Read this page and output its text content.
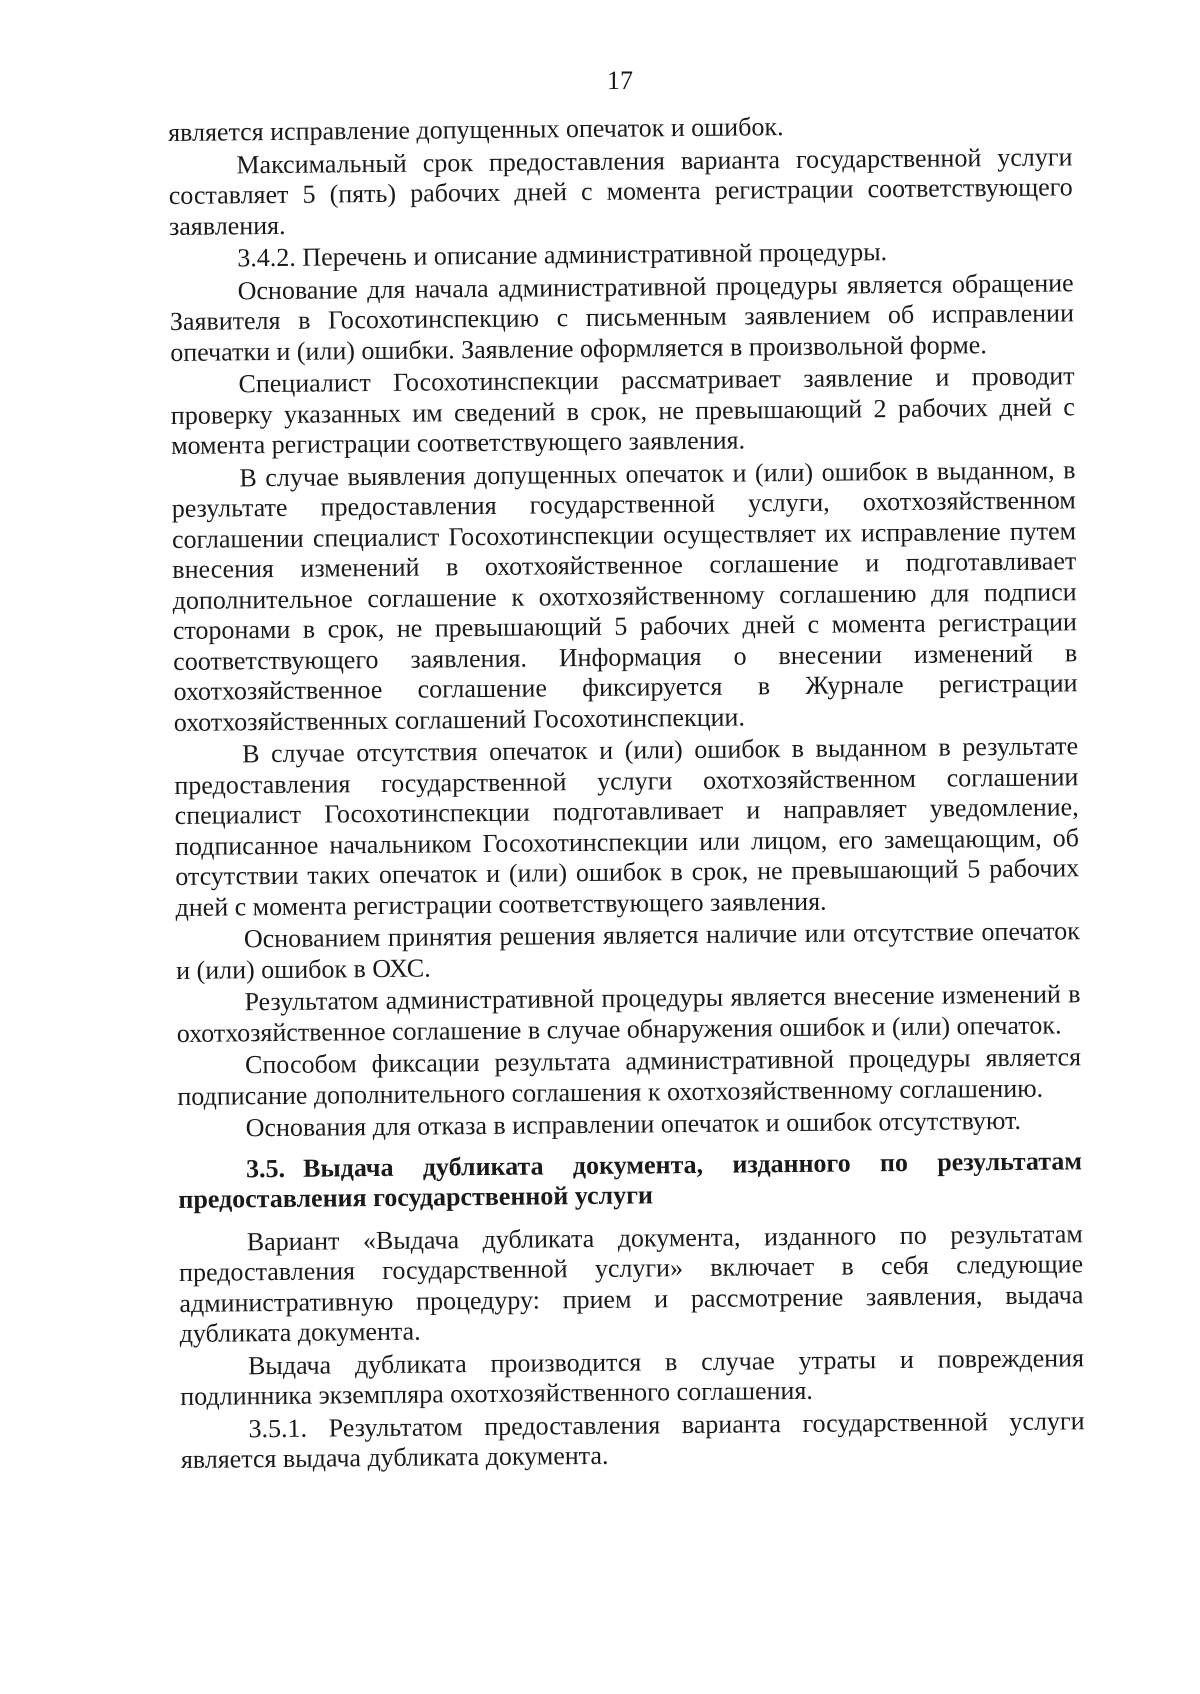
17

является исправление допущенных опечаток и ошибок.

Максимальный срок предоставления варианта государственной услуги составляет 5 (пять) рабочих дней с момента регистрации соответствующего заявления.

3.4.2. Перечень и описание административной процедуры.

Основание для начала административной процедуры является обращение Заявителя в Госохотинспекцию с письменным заявлением об исправлении опечатки и (или) ошибки. Заявление оформляется в произвольной форме.

Специалист Госохотинспекции рассматривает заявление и проводит проверку указанных им сведений в срок, не превышающий 2 рабочих дней с момента регистрации соответствующего заявления.

В случае выявления допущенных опечаток и (или) ошибок в выданном, в результате предоставления государственной услуги, охотхозяйственном соглашении специалист Госохотинспекции осуществляет их исправление путем внесения изменений в охотхояйственное соглашение и подготавливает дополнительное соглашение к охотхозяйственному соглашению для подписи сторонами в срок, не превышающий 5 рабочих дней с момента регистрации соответствующего заявления. Информация о внесении изменений в охотхозяйственное соглашение фиксируется в Журнале регистрации охотхозяйственных соглашений Госохотинспекции.

В случае отсутствия опечаток и (или) ошибок в выданном в результате предоставления государственной услуги охотхозяйственном соглашении специалист Госохотинспекции подготавливает и направляет уведомление, подписанное начальником Госохотинспекции или лицом, его замещающим, об отсутствии таких опечаток и (или) ошибок в срок, не превышающий 5 рабочих дней с момента регистрации соответствующего заявления.

Основанием принятия решения является наличие или отсутствие опечаток и (или) ошибок в ОХС.

Результатом административной процедуры является внесение изменений в охотхозяйственное соглашение в случае обнаружения ошибок и (или) опечаток.

Способом фиксации результата административной процедуры является подписание дополнительного соглашения к охотхозяйственному соглашению.

Основания для отказа в исправлении опечаток и ошибок отсутствуют.

3.5. Выдача дубликата документа, изданного по результатам предоставления государственной услуги

Вариант «Выдача дубликата документа, изданного по результатам предоставления государственной услуги» включает в себя следующие административную процедуру: прием и рассмотрение заявления, выдача дубликата документа.

Выдача дубликата производится в случае утраты и повреждения подлинника экземпляра охотхозяйственного соглашения.

3.5.1. Результатом предоставления варианта государственной услуги является выдача дубликата документа.
